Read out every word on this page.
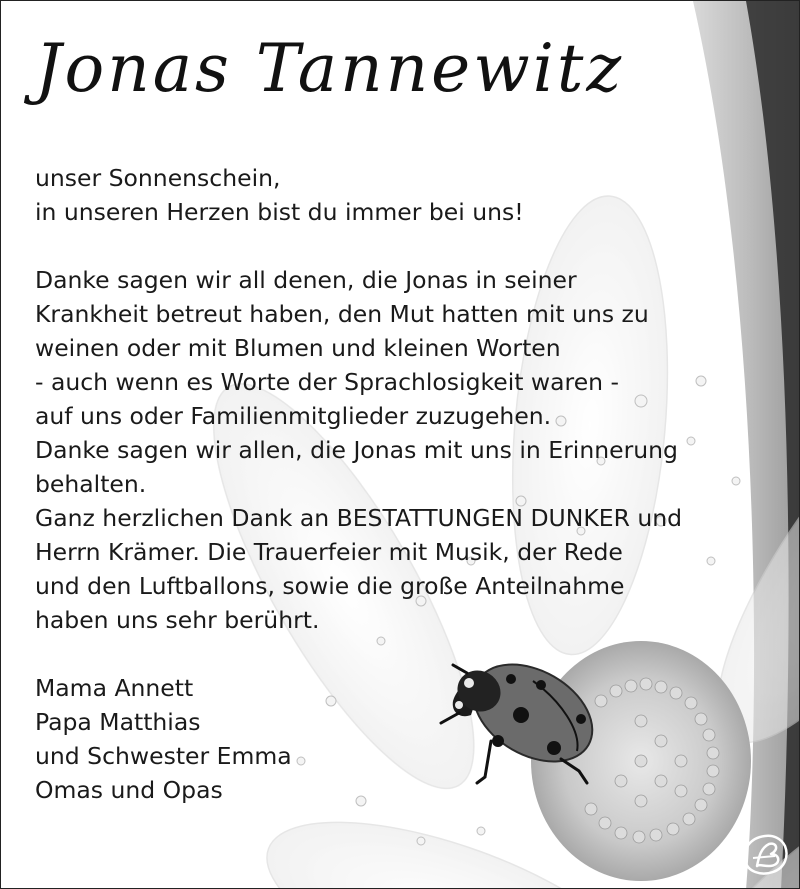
Jonas Tannewitz
unser Sonnenschein,
in unseren Herzen bist du immer bei uns!
Danke sagen wir all denen, die Jonas in seiner
Krankheit betreut haben, den Mut hatten mit uns zu
weinen oder mit Blumen und kleinen Worten
- auch wenn es Worte der Sprachlosigkeit waren -
auf uns oder Familienmitglieder zuzugehen.
Danke sagen wir allen, die Jonas mit uns in Erinnerung
behalten.
Ganz herzlichen Dank an BESTATTUNGEN DUNKER und
Herrn Krämer. Die Trauerfeier mit Musik, der Rede
und den Luftballons, sowie die große Anteilnahme
haben uns sehr berührt.
Mama Annett
Papa Matthias
und Schwester Emma
Omas und Opas
